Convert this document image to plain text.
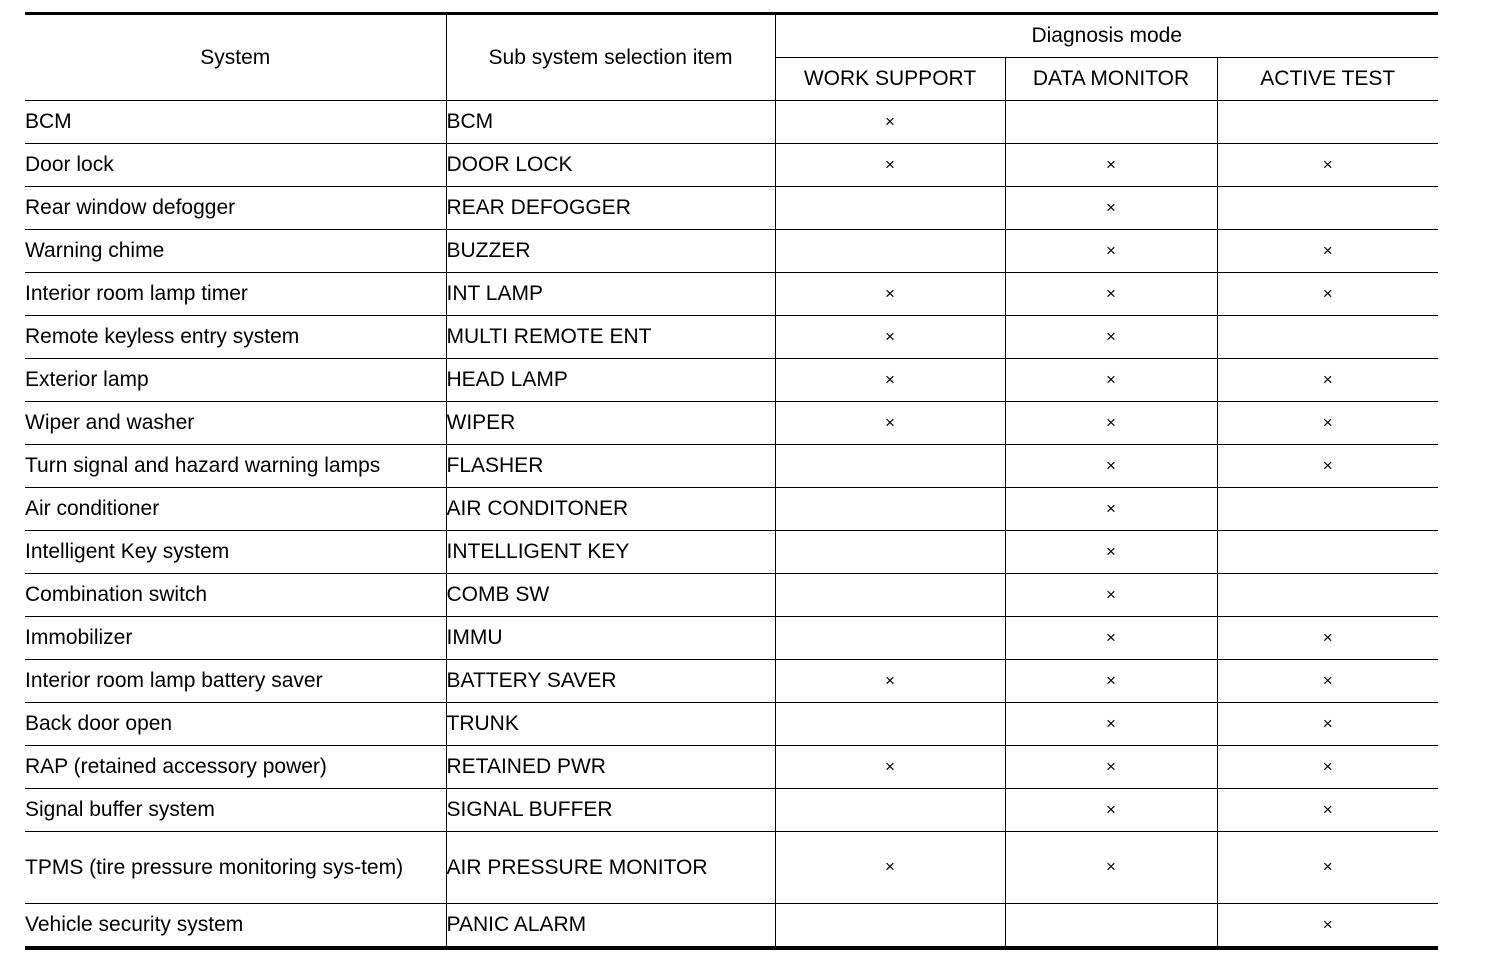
System	Sub system selection item	Diagnosis mode		
		WORK SUPPORT	DATA MONITOR	ACTIVE TEST
BCM	BCM	×		
Door lock	DOOR LOCK	×	×	×
Rear window defogger	REAR DEFOGGER		×	
Warning chime	BUZZER		×	×
Interior room lamp timer	INT LAMP	×	×	×
Remote keyless entry system	MULTI REMOTE ENT	×	×	
Exterior lamp	HEAD LAMP	×	×	×
Wiper and washer	WIPER	×	×	×
Turn signal and hazard warning lamps	FLASHER		×	×
Air conditioner	AIR CONDITONER		×	
Intelligent Key system	INTELLIGENT KEY		×	
Combination switch	COMB SW		×	
Immobilizer	IMMU		×	×
Interior room lamp battery saver	BATTERY SAVER	×	×	×
Back door open	TRUNK		×	×
RAP (retained accessory power)	RETAINED PWR	×	×	×
Signal buffer system	SIGNAL BUFFER		×	×
TPMS (tire pressure monitoring sys-tem)	AIR PRESSURE MONITOR	×	×	×
Vehicle security system	PANIC ALARM			×
